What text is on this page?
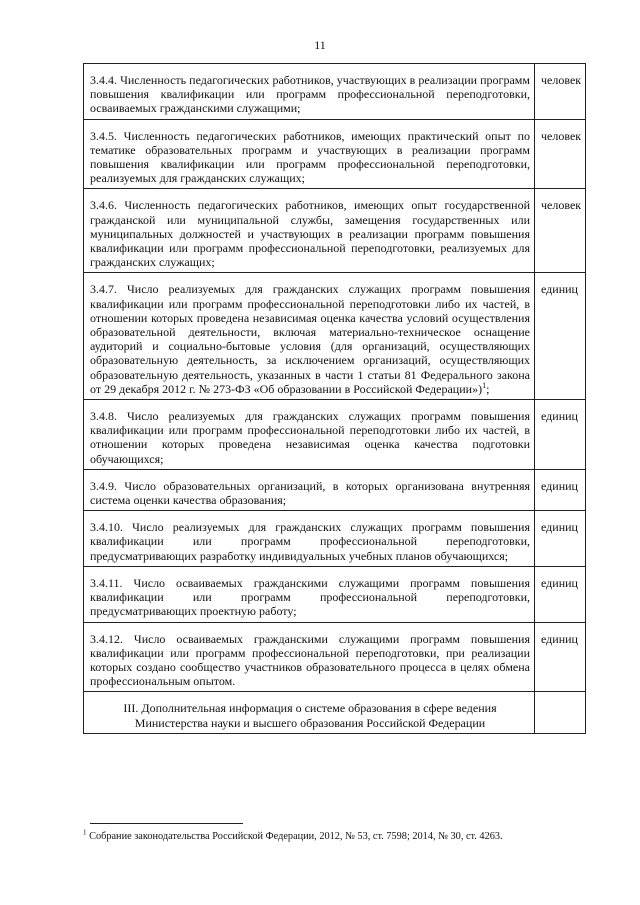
11
3.4.4. Численность педагогических работников, участвующих в реализации программ повышения квалификации или программ профессиональной переподготовки, осваиваемых гражданскими служащими;	человек
3.4.5. Численность педагогических работников, имеющих практический опыт по тематике образовательных программ и участвующих в реализации программ повышения квалификации или программ профессиональной переподготовки, реализуемых для гражданских служащих;	человек
3.4.6. Численность педагогических работников, имеющих опыт государственной гражданской или муниципальной службы, замещения государственных или муниципальных должностей и участвующих в реализации программ повышения квалификации или программ профессиональной переподготовки, реализуемых для гражданских служащих;	человек
3.4.7. Число реализуемых для гражданских служащих программ повышения квалификации или программ профессиональной переподготовки либо их частей, в отношении которых проведена независимая оценка качества условий осуществления образовательной деятельности, включая материально-техническое оснащение аудиторий и социально-бытовые условия (для организаций, осуществляющих образовательную деятельность, за исключением организаций, осуществляющих образовательную деятельность, указанных в части 1 статьи 81 Федерального закона от 29 декабря 2012 г. № 273-ФЗ «Об образовании в Российской Федерации»)$^1$;	единиц
3.4.8. Число реализуемых для гражданских служащих программ повышения квалификации или программ профессиональной переподготовки либо их частей, в отношении которых проведена независимая оценка качества подготовки обучающихся;	единиц
3.4.9. Число образовательных организаций, в которых организована внутренняя система оценки качества образования;	единиц
3.4.10. Число реализуемых для гражданских служащих программ повышения квалификации или программ профессиональной переподготовки, предусматривающих разработку индивидуальных учебных планов обучающихся;	единиц
3.4.11. Число осваиваемых гражданскими служащими программ повышения квалификации или программ профессиональной переподготовки, предусматривающих проектную работу;	единиц
3.4.12. Число осваиваемых гражданскими служащими программ повышения квалификации или программ профессиональной переподготовки, при реализации которых создано сообщество участников образовательного процесса в целях обмена профессиональным опытом.	единиц
III. Дополнительная информация о системе образования в сфере ведения
Министерства науки и высшего образования Российской Федерации	
$^1$ Собрание законодательства Российской Федерации, 2012, № 53, ст. 7598; 2014, № 30, ст. 4263.
